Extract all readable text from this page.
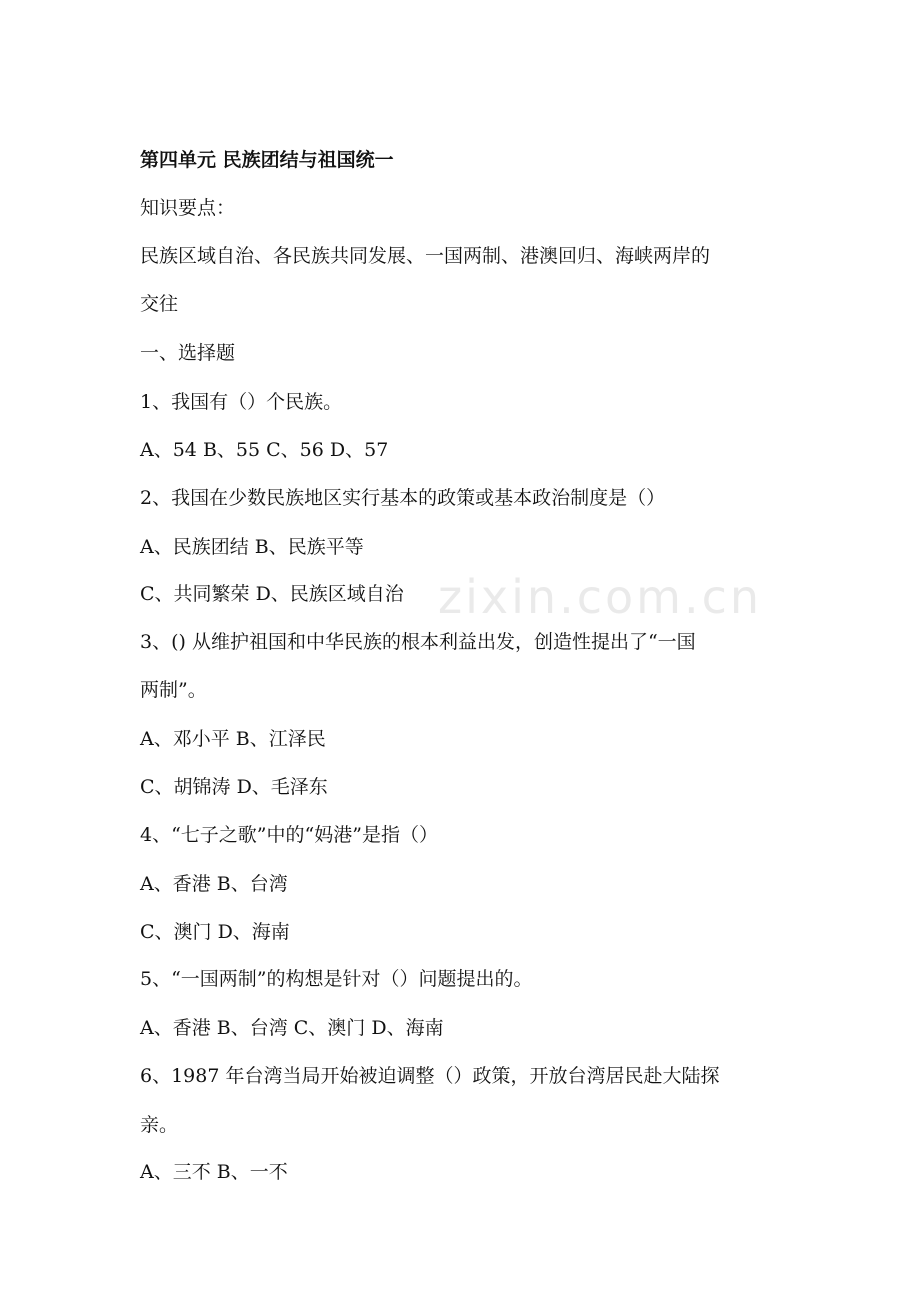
第四单元 民族团结与祖国统一
知识要点：
民族区域自治、各民族共同发展、一国两制、港澳回归、海峡两岸的
交往
一、选择题
1、我国有（）个民族。
A、54 B、55 C、56 D、57
2、我国在少数民族地区实行基本的政策或基本政治制度是（）
A、民族团结 B、民族平等
C、共同繁荣 D、民族区域自治
3、() 从维护祖国和中华民族的根本利益出发，创造性提出了“一国
两制”。
A、邓小平 B、江泽民
C、胡锦涛 D、毛泽东
4、“七子之歌”中的“妈港”是指（）
A、香港 B、台湾
C、澳门 D、海南
5、“一国两制”的构想是针对（）问题提出的。
A、香港 B、台湾 C、澳门 D、海南
6、1987 年台湾当局开始被迫调整（）政策，开放台湾居民赴大陆探
亲。
A、三不 B、一不
zixin.com.cn
